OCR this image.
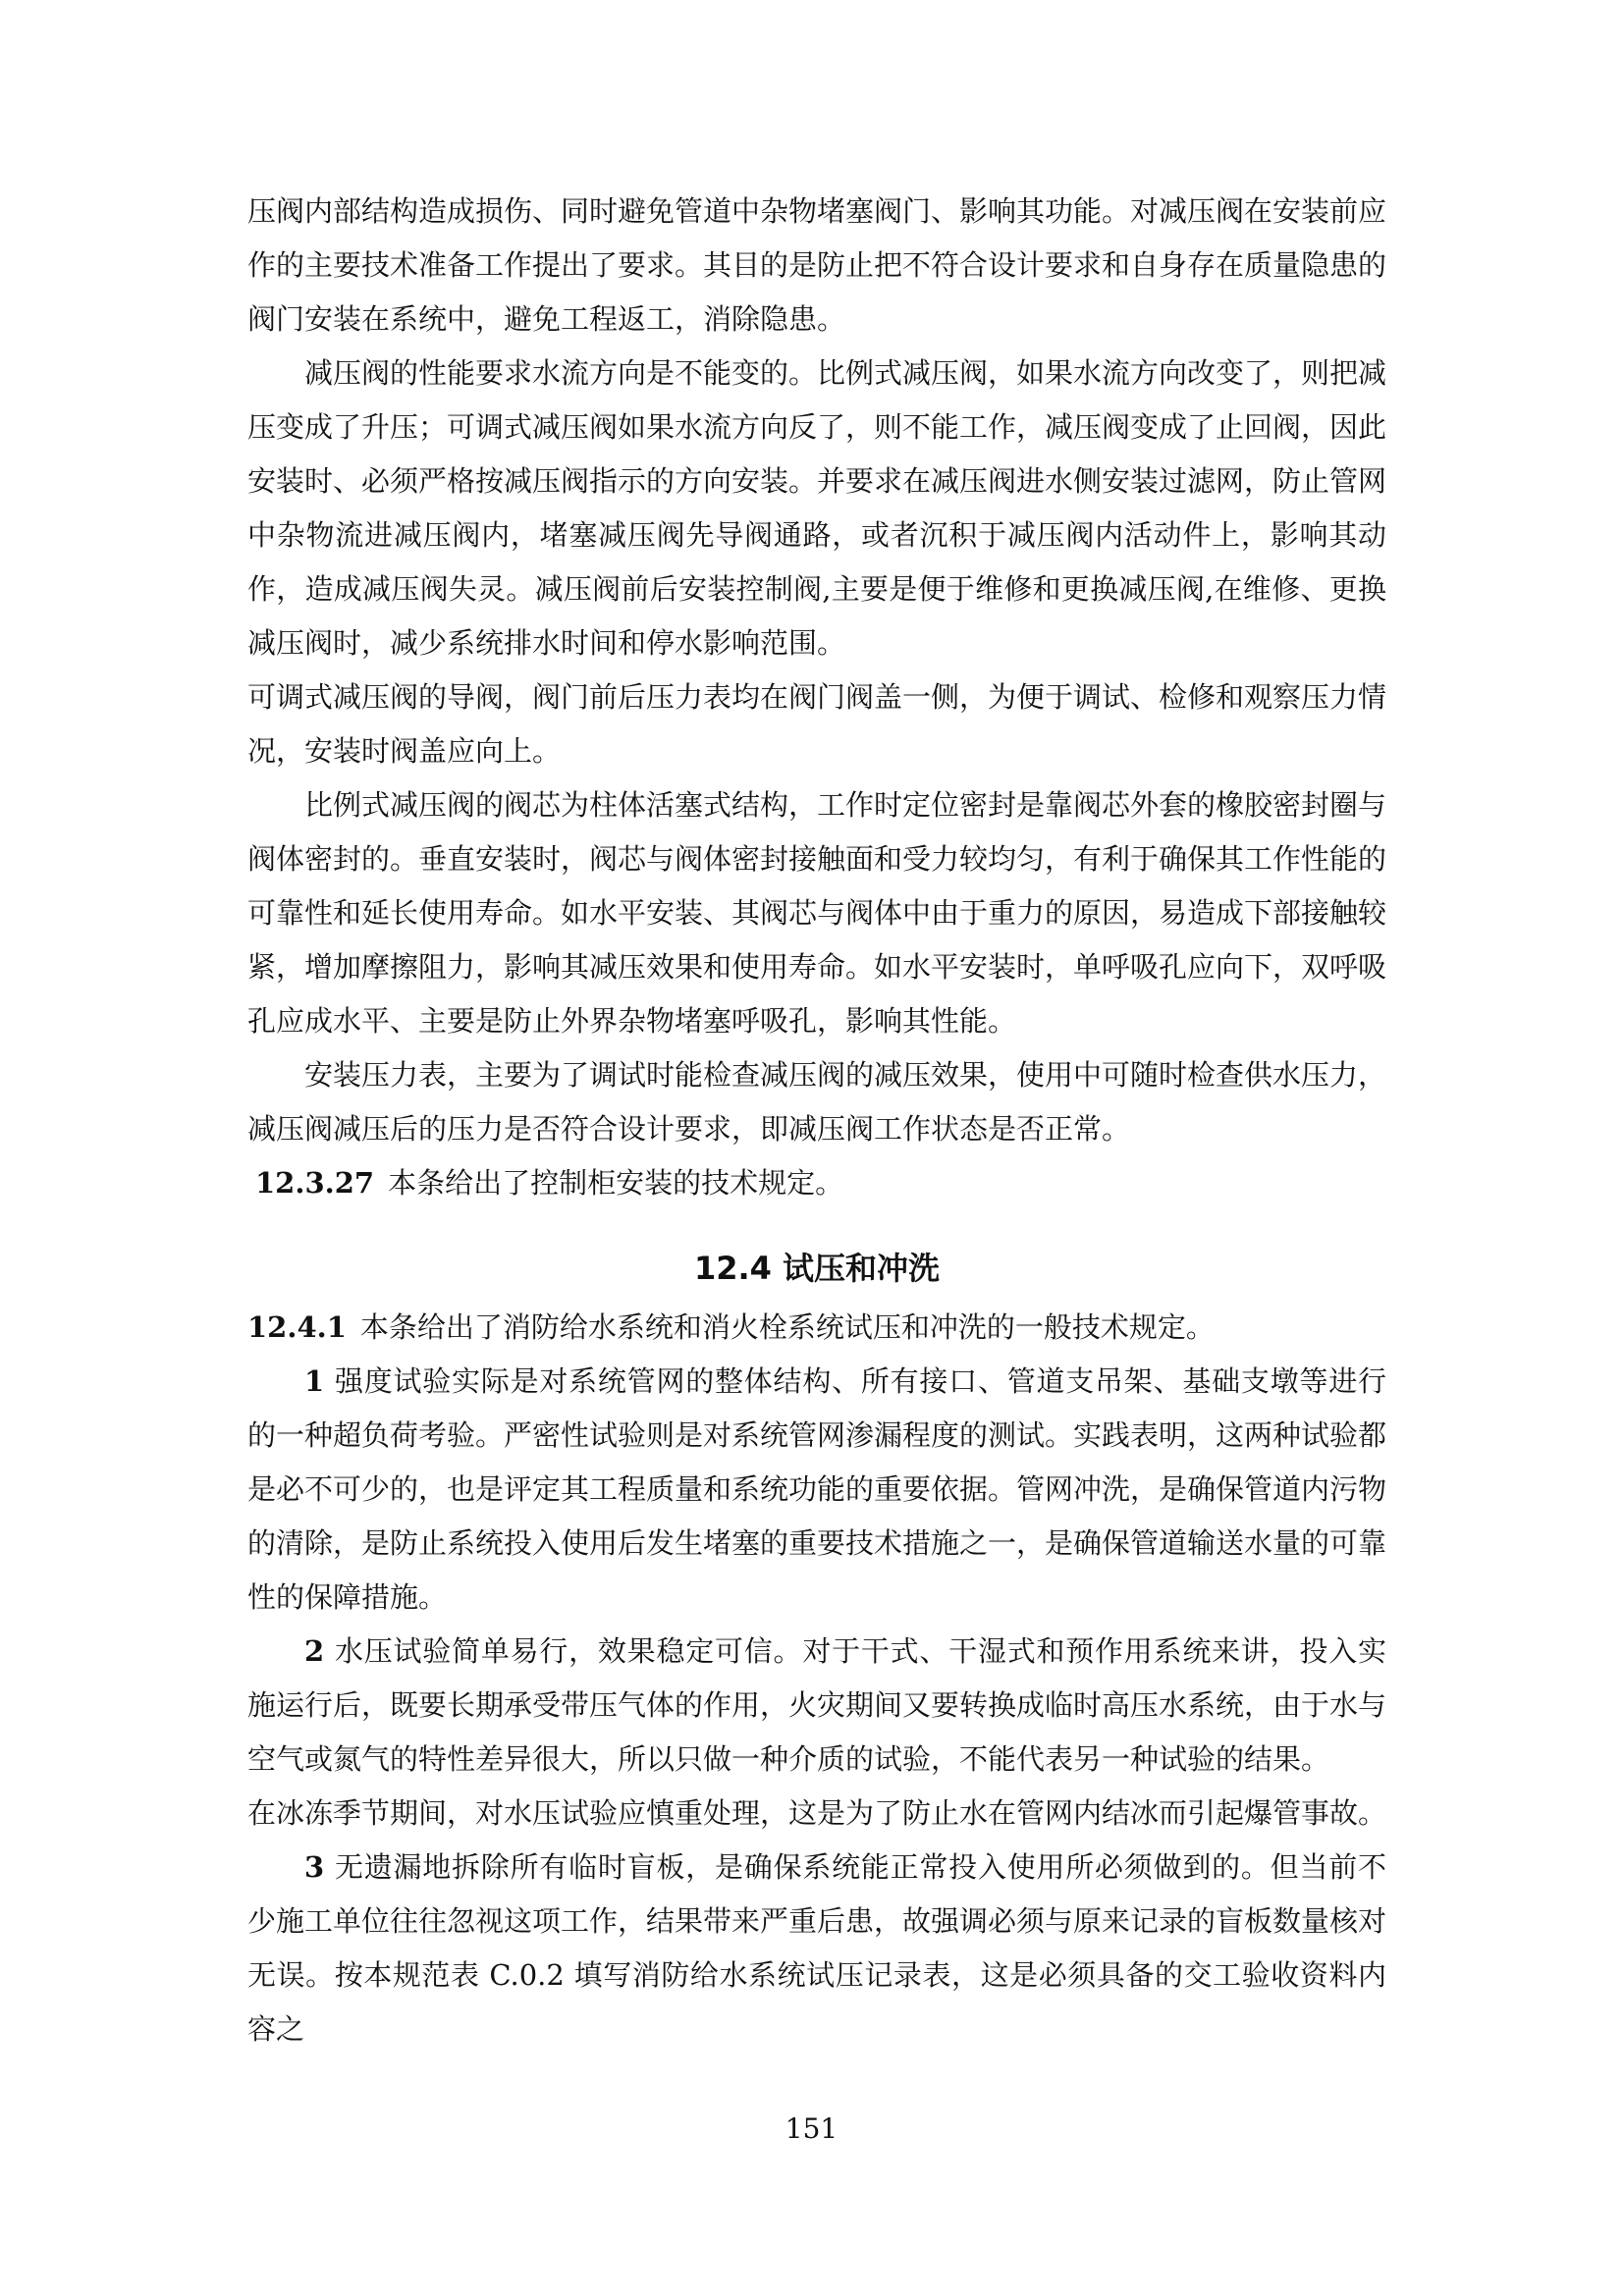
压阀内部结构造成损伤、同时避免管道中杂物堵塞阀门、影响其功能。对减压阀在安装前应作的主要技术准备工作提出了要求。其目的是防止把不符合设计要求和自身存在质量隐患的阀门安装在系统中，避免工程返工，消除隐患。

减压阀的性能要求水流方向是不能变的。比例式减压阀，如果水流方向改变了，则把减压变成了升压；可调式减压阀如果水流方向反了，则不能工作，减压阀变成了止回阀，因此安装时、必须严格按减压阀指示的方向安装。并要求在减压阀进水侧安装过滤网，防止管网中杂物流进减压阀内，堵塞减压阀先导阀通路，或者沉积于减压阀内活动件上，影响其动作，造成减压阀失灵。减压阀前后安装控制阀,主要是便于维修和更换减压阀,在维修、更换减压阀时，减少系统排水时间和停水影响范围。

可调式减压阀的导阀，阀门前后压力表均在阀门阀盖一侧，为便于调试、检修和观察压力情况，安装时阀盖应向上。

比例式减压阀的阀芯为柱体活塞式结构，工作时定位密封是靠阀芯外套的橡胶密封圈与阀体密封的。垂直安装时，阀芯与阀体密封接触面和受力较均匀，有利于确保其工作性能的可靠性和延长使用寿命。如水平安装、其阀芯与阀体中由于重力的原因，易造成下部接触较紧，增加摩擦阻力，影响其减压效果和使用寿命。如水平安装时，单呼吸孔应向下，双呼吸孔应成水平、主要是防止外界杂物堵塞呼吸孔，影响其性能。

安装压力表，主要为了调试时能检查减压阀的减压效果，使用中可随时检查供水压力，减压阀减压后的压力是否符合设计要求，即减压阀工作状态是否正常。

12.3.27 本条给出了控制柜安装的技术规定。

12.4 试压和冲洗

12.4.1 本条给出了消防给水系统和消火栓系统试压和冲洗的一般技术规定。

1 强度试验实际是对系统管网的整体结构、所有接口、管道支吊架、基础支墩等进行的一种超负荷考验。严密性试验则是对系统管网渗漏程度的测试。实践表明，这两种试验都是必不可少的，也是评定其工程质量和系统功能的重要依据。管网冲洗，是确保管道内污物的清除，是防止系统投入使用后发生堵塞的重要技术措施之一，是确保管道输送水量的可靠性的保障措施。

2 水压试验简单易行，效果稳定可信。对于干式、干湿式和预作用系统来讲，投入实施运行后，既要长期承受带压气体的作用，火灾期间又要转换成临时高压水系统，由于水与空气或氮气的特性差异很大，所以只做一种介质的试验，不能代表另一种试验的结果。

在冰冻季节期间，对水压试验应慎重处理，这是为了防止水在管网内结冰而引起爆管事故。

3 无遗漏地拆除所有临时盲板，是确保系统能正常投入使用所必须做到的。但当前不少施工单位往往忽视这项工作，结果带来严重后患，故强调必须与原来记录的盲板数量核对无误。按本规范表 C.0.2 填写消防给水系统试压记录表，这是必须具备的交工验收资料内容之

151
